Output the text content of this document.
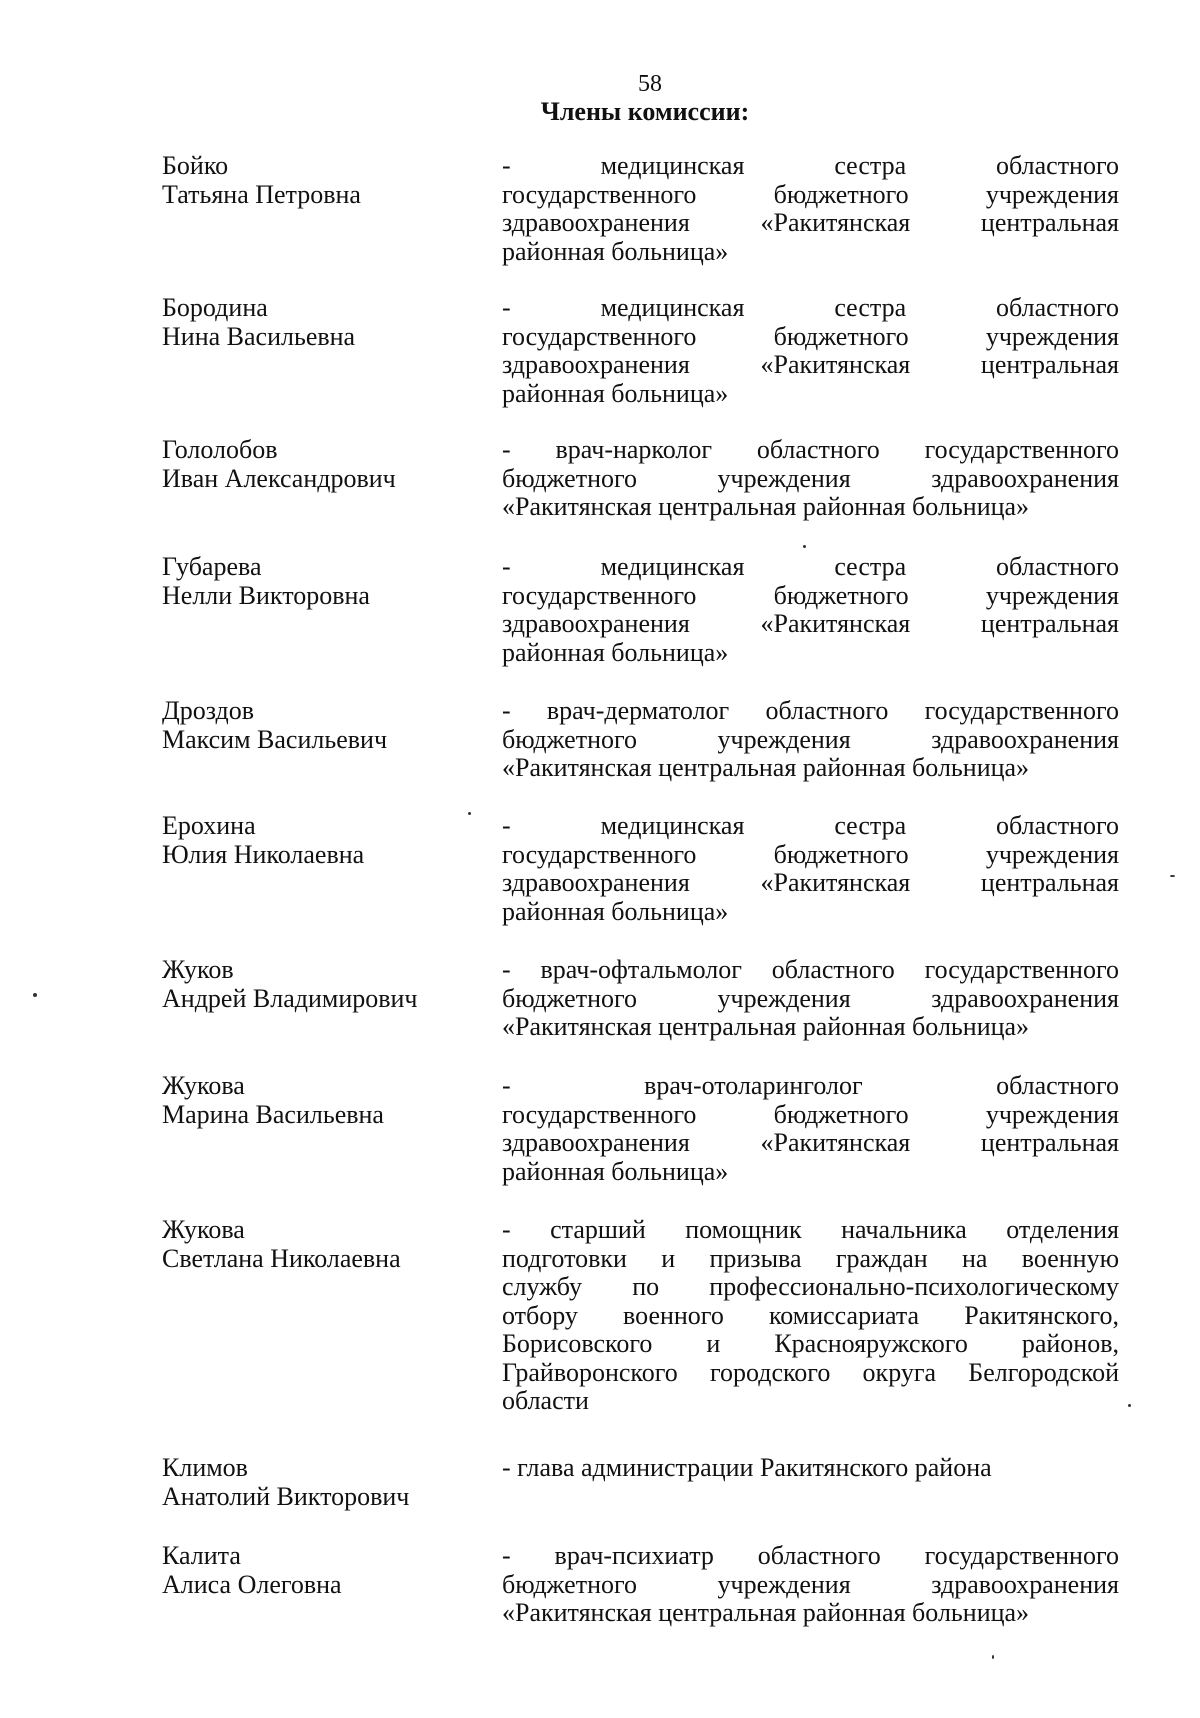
58
Члены комиссии:
Бойко
Татьяна Петровна
- медицинская сестра областного
государственного бюджетного учреждения
здравоохранения «Ракитянская центральная
районная больница»
Бородина
Нина Васильевна
- медицинская сестра областного
государственного бюджетного учреждения
здравоохранения «Ракитянская центральная
районная больница»
Гололобов
Иван Александрович
- врач-нарколог областного государственного
бюджетного учреждения здравоохранения
«Ракитянская центральная районная больница»
Губарева
Нелли Викторовна
- медицинская сестра областного
государственного бюджетного учреждения
здравоохранения «Ракитянская центральная
районная больница»
Дроздов
Максим Васильевич
- врач-дерматолог областного государственного
бюджетного учреждения здравоохранения
«Ракитянская центральная районная больница»
Ерохина
Юлия Николаевна
- медицинская сестра областного
государственного бюджетного учреждения
здравоохранения «Ракитянская центральная
районная больница»
Жуков
Андрей Владимирович
- врач-офтальмолог областного государственного
бюджетного учреждения здравоохранения
«Ракитянская центральная районная больница»
Жукова
Марина Васильевна
- врач-отоларинголог областного
государственного бюджетного учреждения
здравоохранения «Ракитянская центральная
районная больница»
Жукова
Светлана Николаевна
- старший помощник начальника отделения
подготовки и призыва граждан на военную
службу по профессионально-психологическому
отбору военного комиссариата Ракитянского,
Борисовского и Краснояружского районов,
Грайворонского городского округа Белгородской
области
Климов
Анатолий Викторович
- глава администрации Ракитянского района
Калита
Алиса Олеговна
- врач-психиатр областного государственного
бюджетного учреждения здравоохранения
«Ракитянская центральная районная больница»
